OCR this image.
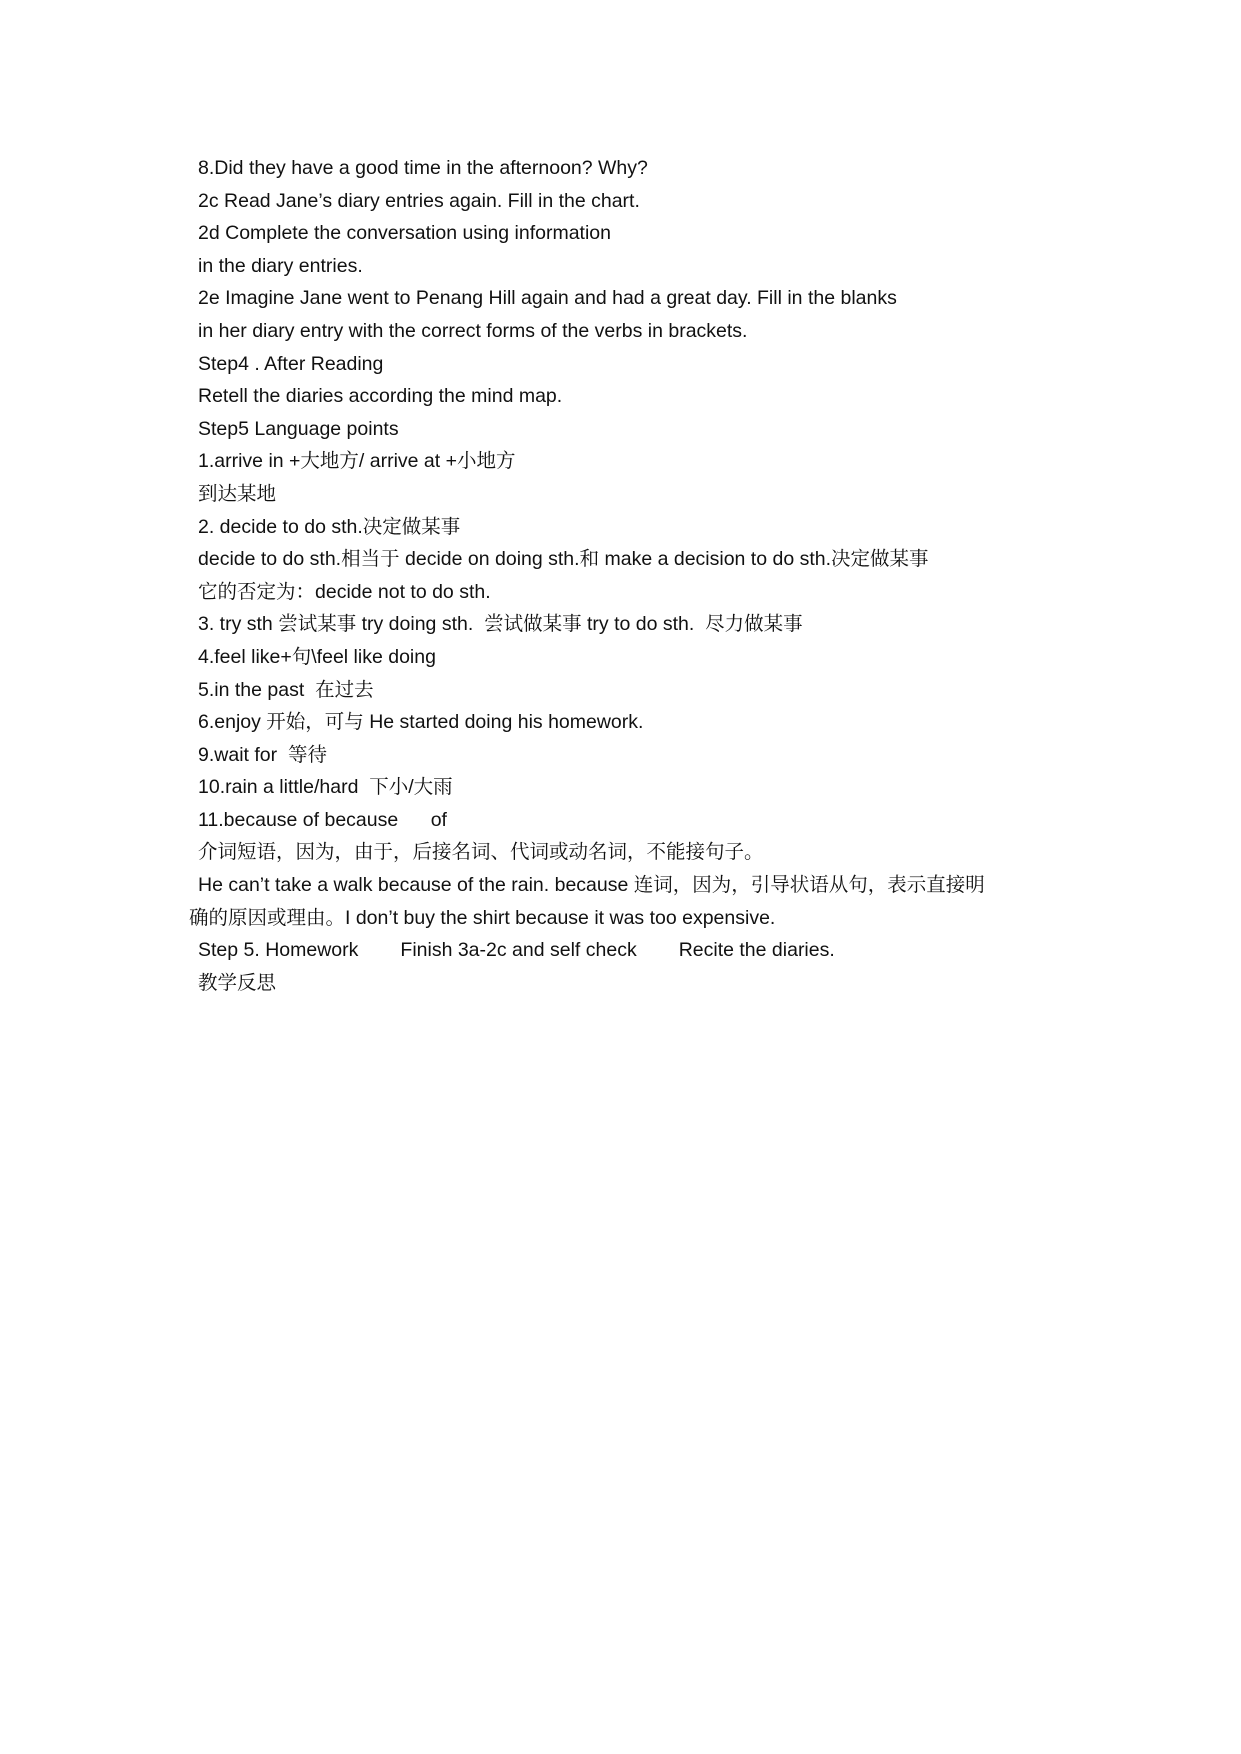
8.Did they have a good time in the afternoon? Why?
2c Read Jane’s diary entries again. Fill in the chart.
2d Complete the conversation using information
in the diary entries.
2e Imagine Jane went to Penang Hill again and had a great day. Fill in the blanks
in her diary entry with the correct forms of the verbs in brackets.
Step4 . After Reading
Retell the diaries according the mind map.
Step5 Language points
1.arrive in +大地方/ arrive at +小地方
到达某地
2. decide to do sth.决定做某事
decide to do sth.相当于 decide on doing sth.和 make a decision to do sth.决定做某事
它的否定为：decide not to do sth.
3. try sth 尝试某事 try doing sth.  尝试做某事 try to do sth.  尽力做某事
4.feel like+句\feel like doing
5.in the past  在过去
6.enjoy 开始，可与 He started doing his homework.
9.wait for  等待
10.rain a little/hard  下小/大雨
11.because of because      of
介词短语，因为，由于，后接名词、代词或动名词，不能接句子。
He can’t take a walk because of the rain. because 连词，因为，引导状语从句，表示直接明
确的原因或理由。I don’t buy the shirt because it was too expensive.
Step 5. Homework Finish 3a-2c and self check Recite the diaries.
教学反思
